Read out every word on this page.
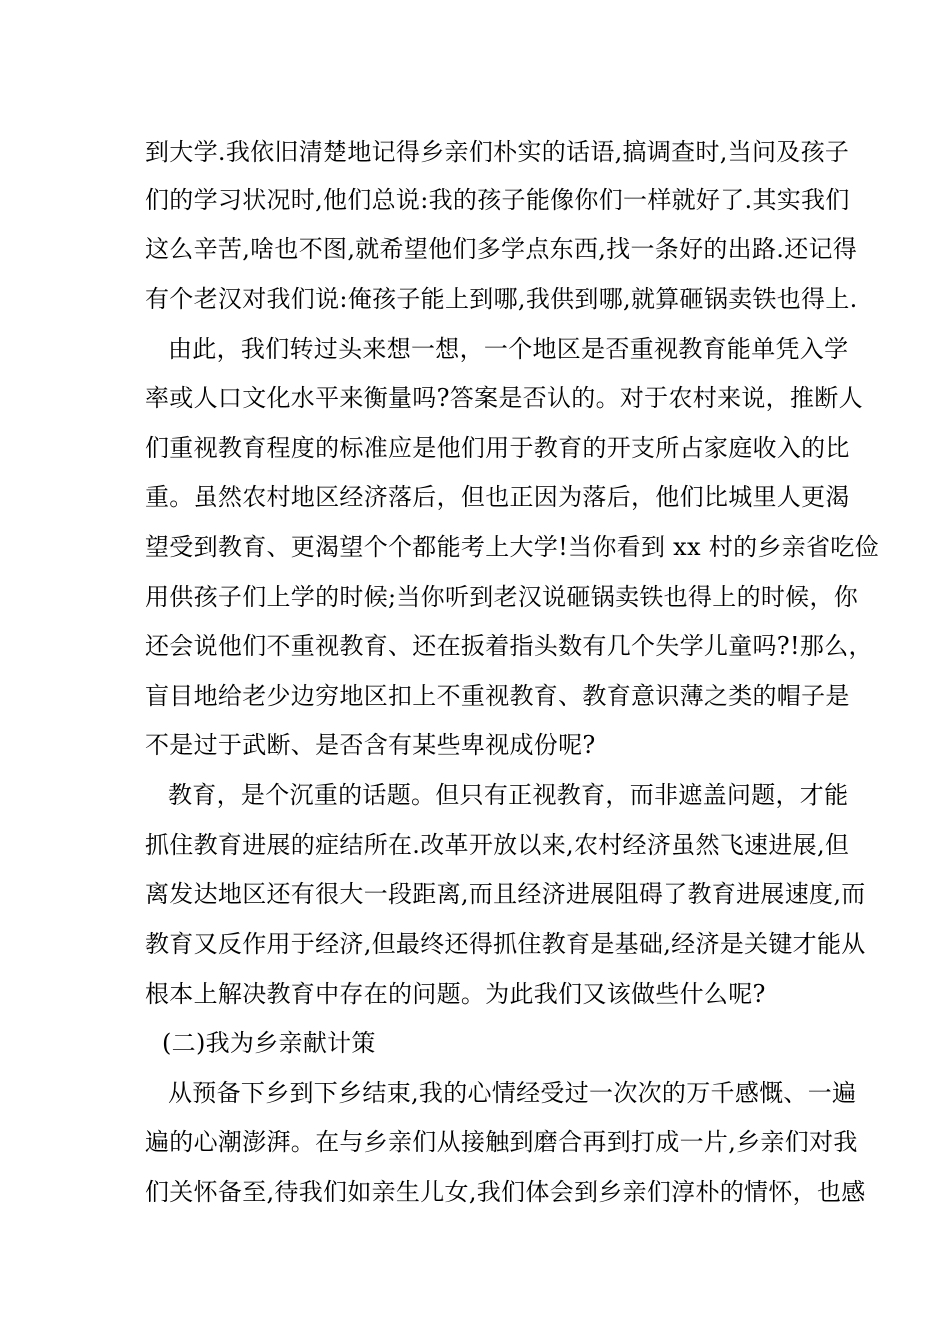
到大学.我依旧清楚地记得乡亲们朴实的话语,搞调查时,当问及孩子
们的学习状况时,他们总说:我的孩子能像你们一样就好了.其实我们
这么辛苦,啥也不图,就希望他们多学点东西,找一条好的出路.还记得
有个老汉对我们说:俺孩子能上到哪,我供到哪,就算砸锅卖铁也得上.
由此，我们转过头来想一想，一个地区是否重视教育能单凭入学
率或人口文化水平来衡量吗?答案是否认的。对于农村来说，推断人
们重视教育程度的标准应是他们用于教育的开支所占家庭收入的比
重。虽然农村地区经济落后，但也正因为落后，他们比城里人更渴
望受到教育、更渴望个个都能考上大学!当你看到 xx 村的乡亲省吃俭
用供孩子们上学的时候;当你听到老汉说砸锅卖铁也得上的时候，你
还会说他们不重视教育、还在扳着指头数有几个失学儿童吗?!那么，
盲目地给老少边穷地区扣上不重视教育、教育意识薄之类的帽子是
不是过于武断、是否含有某些卑视成份呢?
教育，是个沉重的话题。但只有正视教育，而非遮盖问题，才能
抓住教育进展的症结所在.改革开放以来,农村经济虽然飞速进展,但
离发达地区还有很大一段距离,而且经济进展阻碍了教育进展速度,而
教育又反作用于经济,但最终还得抓住教育是基础,经济是关键才能从
根本上解决教育中存在的问题。为此我们又该做些什么呢?
(二)我为乡亲献计策
从预备下乡到下乡结束,我的心情经受过一次次的万千感慨、一遍
遍的心潮澎湃。在与乡亲们从接触到磨合再到打成一片,乡亲们对我
们关怀备至,待我们如亲生儿女,我们体会到乡亲们淳朴的情怀，也感
